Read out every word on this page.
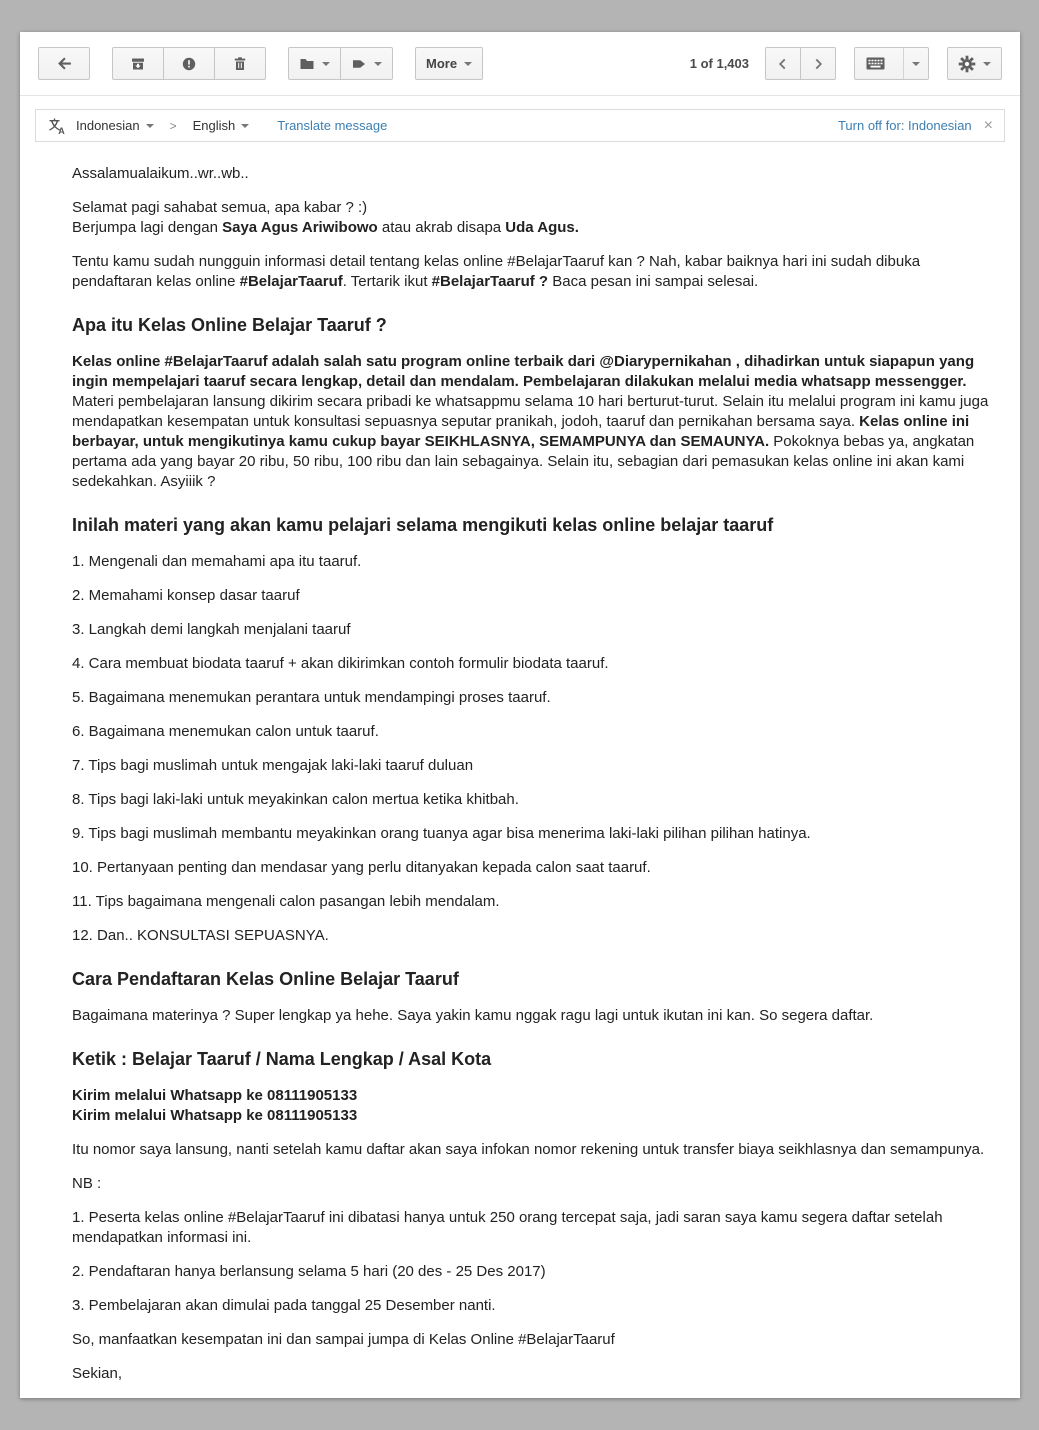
More	1 of 1,403
A Indonesian	> English	Translate message	Turn off for: Indonesian ×
Assalamualaikum..wr..wb..
Selamat pagi sahabat semua, apa kabar ? :)
Berjumpa lagi dengan Saya Agus Ariwibowo atau akrab disapa Uda Agus.
Tentu kamu sudah nungguin informasi detail tentang kelas online #BelajarTaaruf kan ? Nah, kabar baiknya hari ini sudah dibuka pendaftaran kelas online #BelajarTaaruf. Tertarik ikut #BelajarTaaruf ? Baca pesan ini sampai selesai.
Apa itu Kelas Online Belajar Taaruf ?
Kelas online #BelajarTaaruf adalah salah satu program online terbaik dari @Diarypernikahan , dihadirkan untuk siapapun yang ingin mempelajari taaruf secara lengkap, detail dan mendalam. Pembelajaran dilakukan melalui media whatsapp messengger. Materi pembelajaran lansung dikirim secara pribadi ke whatsappmu selama 10 hari berturut-turut. Selain itu melalui program ini kamu juga mendapatkan kesempatan untuk konsultasi sepuasnya seputar pranikah, jodoh, taaruf dan pernikahan bersama saya. Kelas online ini berbayar, untuk mengikutinya kamu cukup bayar SEIKHLASNYA, SEMAMPUNYA dan SEMAUNYA. Pokoknya bebas ya, angkatan pertama ada yang bayar 20 ribu, 50 ribu, 100 ribu dan lain sebagainya. Selain itu, sebagian dari pemasukan kelas online ini akan kami sedekahkan. Asyiiik ?
Inilah materi yang akan kamu pelajari selama mengikuti kelas online belajar taaruf
1. Mengenali dan memahami apa itu taaruf.
2. Memahami konsep dasar taaruf
3. Langkah demi langkah menjalani taaruf
4. Cara membuat biodata taaruf + akan dikirimkan contoh formulir biodata taaruf.
5. Bagaimana menemukan perantara untuk mendampingi proses taaruf.
6. Bagaimana menemukan calon untuk taaruf.
7. Tips bagi muslimah untuk mengajak laki-laki taaruf duluan
8. Tips bagi laki-laki untuk meyakinkan calon mertua ketika khitbah.
9. Tips bagi muslimah membantu meyakinkan orang tuanya agar bisa menerima laki-laki pilihan pilihan hatinya.
10. Pertanyaan penting dan mendasar yang perlu ditanyakan kepada calon saat taaruf.
11. Tips bagaimana mengenali calon pasangan lebih mendalam.
12. Dan.. KONSULTASI SEPUASNYA.
Cara Pendaftaran Kelas Online Belajar Taaruf
Bagaimana materinya ? Super lengkap ya hehe. Saya yakin kamu nggak ragu lagi untuk ikutan ini kan. So segera daftar.
Ketik : Belajar Taaruf / Nama Lengkap / Asal Kota
Kirim melalui Whatsapp ke 08111905133
Kirim melalui Whatsapp ke 08111905133
Itu nomor saya lansung, nanti setelah kamu daftar akan saya infokan nomor rekening untuk transfer biaya seikhlasnya dan semampunya.
NB :
1. Peserta kelas online #BelajarTaaruf ini dibatasi hanya untuk 250 orang tercepat saja, jadi saran saya kamu segera daftar setelah mendapatkan informasi ini.
2. Pendaftaran hanya berlansung selama 5 hari (20 des - 25 Des 2017)
3. Pembelajaran akan dimulai pada tanggal 25 Desember nanti.
So, manfaatkan kesempatan ini dan sampai jumpa di Kelas Online #BelajarTaaruf
Sekian,
